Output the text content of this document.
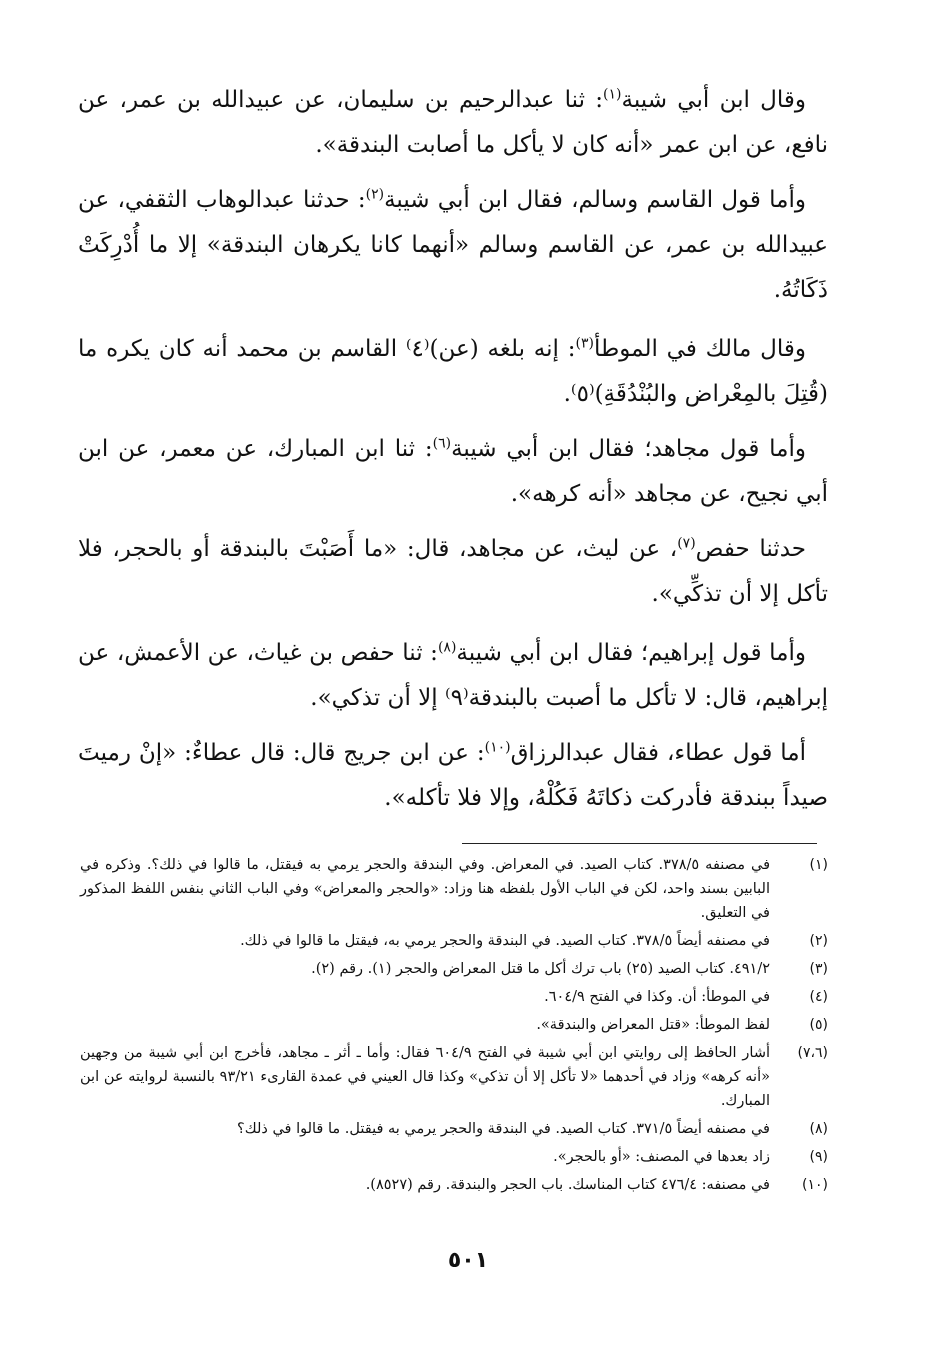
وقال ابن أبي شيبة$^{(١)}$: ثنا عبدالرحيم بن سليمان، عن عبيدالله بن عمر، عن نافع، عن ابن عمر «أنه كان لا يأكل ما أصابت البندقة».

وأما قول القاسم وسالم، فقال ابن أبي شيبة$^{(٢)}$: حدثنا عبدالوهاب الثقفي، عن عبيدالله بن عمر، عن القاسم وسالم «أنهما كانا يكرهان البندقة» إلا ما أُدْرِكَتْ ذَكَاتُهُ.

وقال مالك في الموطأ$^{(٣)}$: إنه بلغه (عن)⁽٤⁾ القاسم بن محمد أنه كان يكره ما (قُتِلَ بالمِعْراض والبُنْدُقَةِ)⁽٥⁾.

وأما قول مجاهد؛ فقال ابن أبي شيبة$^{(٦)}$: ثنا ابن المبارك، عن معمر، عن ابن أبي نجيح، عن مجاهد «أنه كرهه».

حدثنا حفص$^{(٧)}$، عن ليث، عن مجاهد، قال: «ما أَصَبْتَ بالبندقة أو بالحجر، فلا تأكل إلا أن تذكِّي».

وأما قول إبراهيم؛ فقال ابن أبي شيبة$^{(٨)}$: ثنا حفص بن غياث، عن الأعمش، عن إبراهيم، قال: لا تأكل ما أصبت بالبندقة⁽٩⁾ إلا أن تذكي».

أما قول عطاء، فقال عبدالرزاق$^{(١٠)}$: عن ابن جريج قال: قال عطاءٌ: «إنْ رميتَ صيداً ببندقة فأدركت ذكاتَهُ فَكُلْهُ، وإلا فلا تأكله».

(١)
في مصنفه ٣٧٨/٥. كتاب الصيد. في المعراض. وفي البندقة والحجر يرمي به فيقتل، ما قالوا في ذلك؟. وذكره في البابين بسند واحد، لكن في الباب الأول بلفظه هنا وزاد: «والحجر والمعراض» وفي الباب الثاني بنفس اللفظ المذكور في التعليق.
(٢)
في مصنفه أيضاً ٣٧٨/٥. كتاب الصيد. في البندقة والحجر يرمي به، فيقتل ما قالوا في ذلك.
(٣)
٤٩١/٢. كتاب الصيد (٢٥) باب ترك أكل ما قتل المعراض والحجر (١). رقم (٢).
(٤)
في الموطأ: أن. وكذا في الفتح ٦٠٤/٩.
(٥)
لفظ الموطأ: «قتل المعراض والبندقة».
(٧،٦)
أشار الحافظ إلى روايتي ابن أبي شيبة في الفتح ٦٠٤/٩ فقال: وأما ـ أثر ـ مجاهد، فأخرج ابن أبي شيبة من وجهين «أنه كرهه» وزاد في أحدهما «لا تأكل إلا أن تذكي» وكذا قال العيني في عمدة القارىء ٩٣/٢١ بالنسبة لروايته عن ابن المبارك.
(٨)
في مصنفه أيضاً ٣٧١/٥. كتاب الصيد. في البندقة والحجر يرمي به فيقتل. ما قالوا في ذلك؟
(٩)
زاد بعدها في المصنف: «أو بالحجر».
(١٠)
في مصنفه: ٤٧٦/٤ كتاب المناسك. باب الحجر والبندقة. رقم (٨٥٢٧).
٥٠١
